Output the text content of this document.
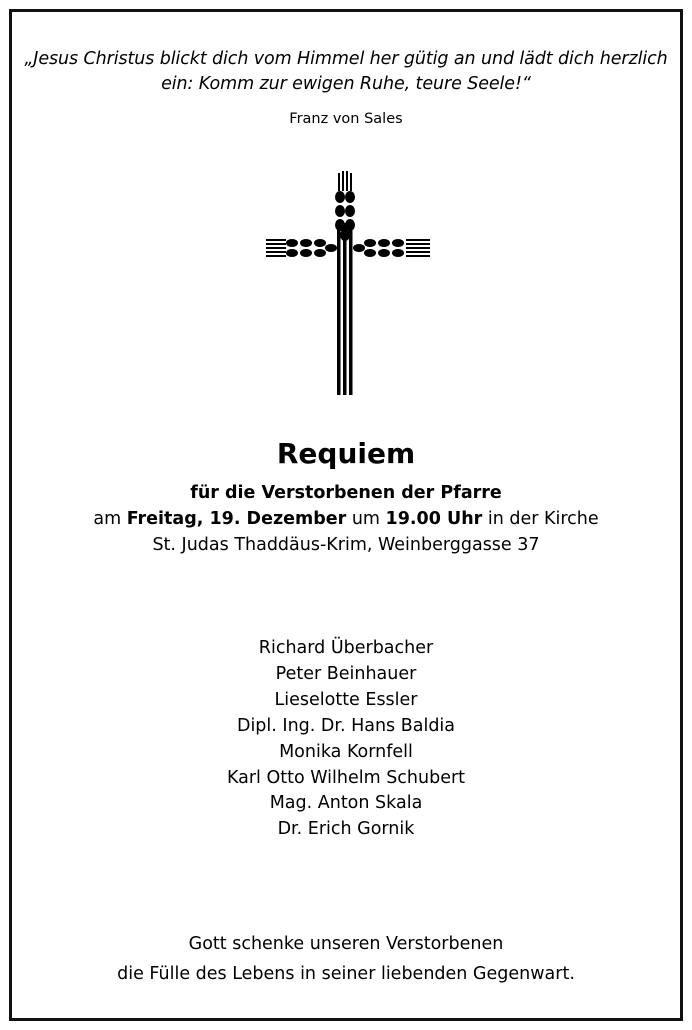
„Jesus Christus blickt dich vom Himmel her gütig an und lädt dich herzlich
ein: Komm zur ewigen Ruhe, teure Seele!“
Franz von Sales
Requiem
für die Verstorbenen der Pfarre
am Freitag, 19. Dezember um 19.00 Uhr in der Kirche
St. Judas Thaddäus-Krim, Weinberggasse 37
Richard Überbacher
Peter Beinhauer
Lieselotte Essler
Dipl. Ing. Dr. Hans Baldia
Monika Kornfell
Karl Otto Wilhelm Schubert
Mag. Anton Skala
Dr. Erich Gornik
Gott schenke unseren Verstorbenen
die Fülle des Lebens in seiner liebenden Gegenwart.
